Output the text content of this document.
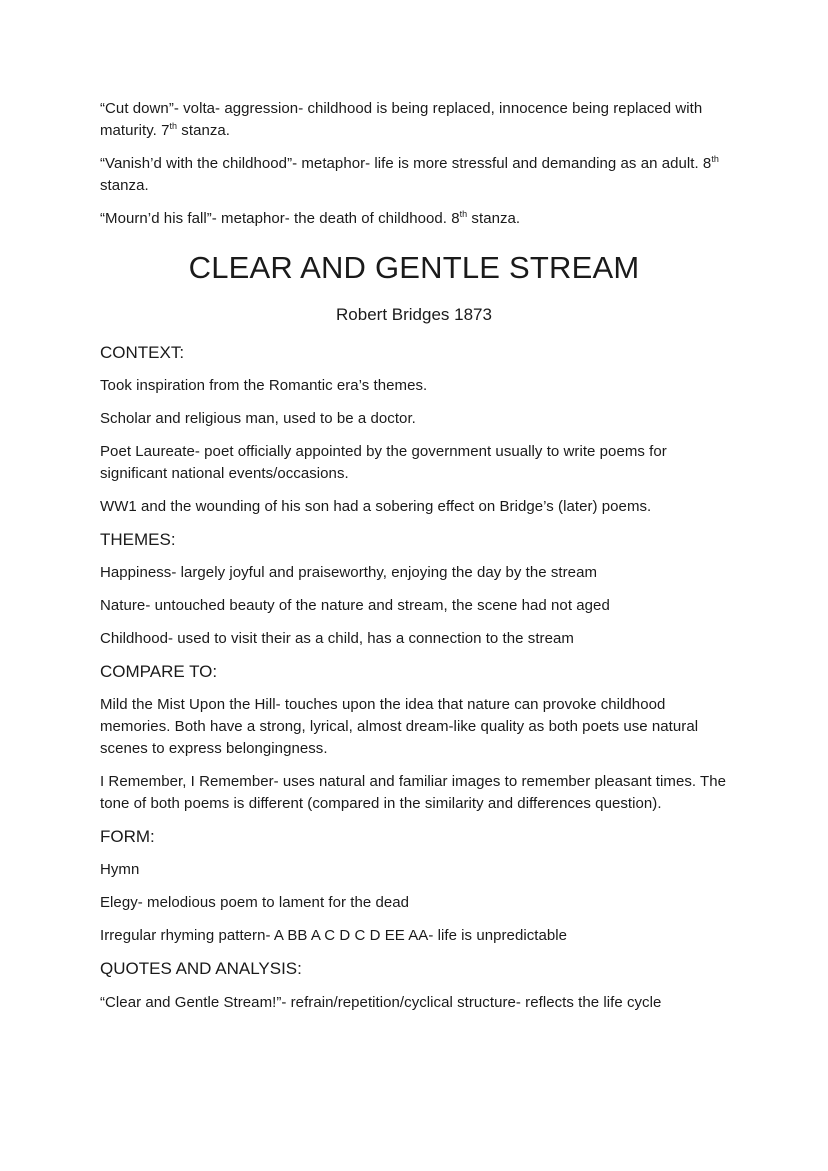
“Cut down”- volta- aggression- childhood is being replaced, innocence being replaced with maturity. 7th stanza.

“Vanish’d with the childhood”- metaphor- life is more stressful and demanding as an adult. 8th stanza.

“Mourn’d his fall”- metaphor- the death of childhood. 8th stanza.

CLEAR AND GENTLE STREAM

Robert Bridges 1873

CONTEXT:

Took inspiration from the Romantic era’s themes.

Scholar and religious man, used to be a doctor.

Poet Laureate- poet officially appointed by the government usually to write poems for significant national events/occasions.

WW1 and the wounding of his son had a sobering effect on Bridge’s (later) poems.

THEMES:

Happiness- largely joyful and praiseworthy, enjoying the day by the stream

Nature- untouched beauty of the nature and stream, the scene had not aged

Childhood- used to visit their as a child, has a connection to the stream

COMPARE TO:

Mild the Mist Upon the Hill- touches upon the idea that nature can provoke childhood memories. Both have a strong, lyrical, almost dream-like quality as both poets use natural scenes to express belongingness.

I Remember, I Remember- uses natural and familiar images to remember pleasant times. The tone of both poems is different (compared in the similarity and differences question).

FORM:

Hymn

Elegy- melodious poem to lament for the dead

Irregular rhyming pattern- A BB A C D C D EE AA- life is unpredictable

QUOTES AND ANALYSIS:

“Clear and Gentle Stream!”- refrain/repetition/cyclical structure- reflects the life cycle
